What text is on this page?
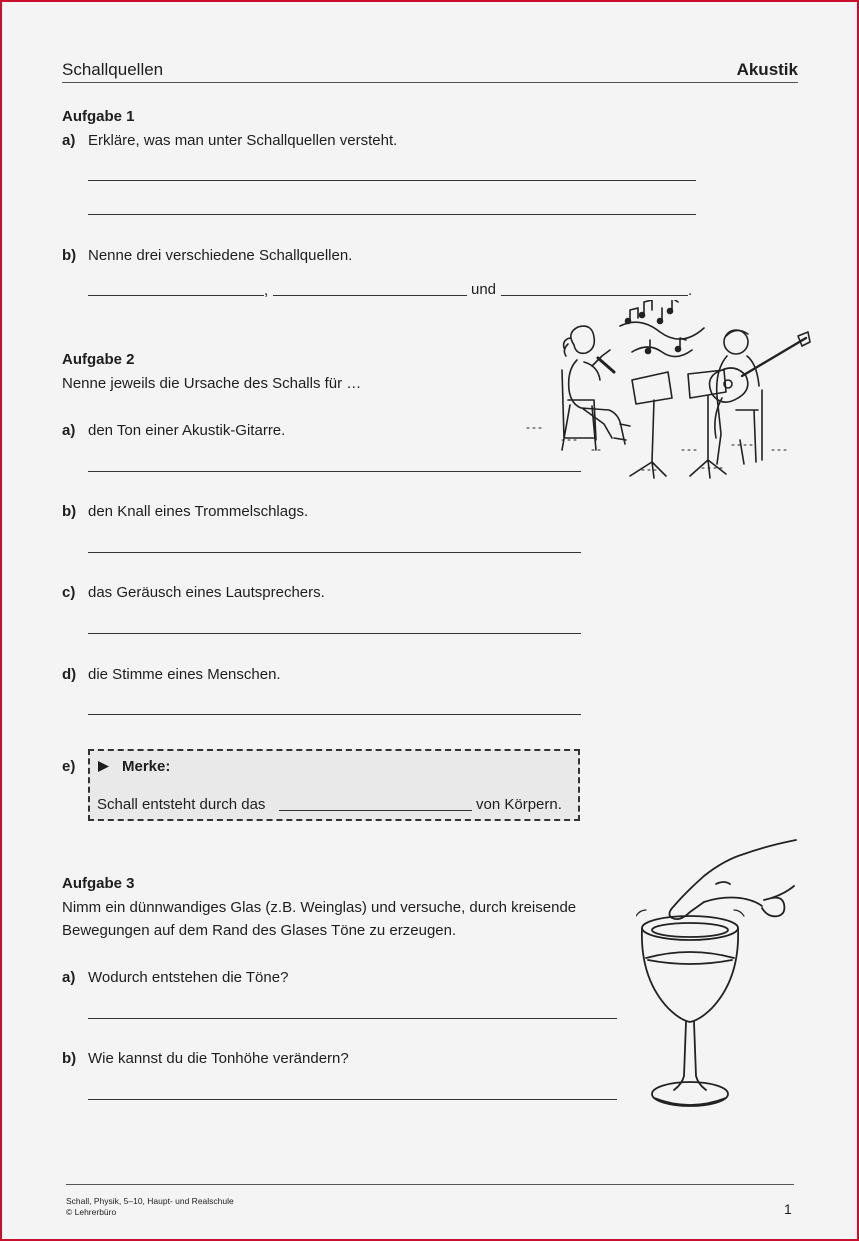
Schallquellen	Akustik
Aufgabe 1
a) Erkläre, was man unter Schallquellen versteht.
b) Nenne drei verschiedene Schallquellen.
,	und	.
Aufgabe 2
Nenne jeweils die Ursache des Schalls für …
a) den Ton einer Akustik-Gitarre.
b) den Knall eines Trommelschlags.
c) das Geräusch eines Lautsprechers.
d) die Stimme eines Menschen.
e)	Merke:
Schall entsteht durch das	von Körpern.
Aufgabe 3
Nimm ein dünnwandiges Glas (z.B. Weinglas) und versuche, durch kreisende
Bewegungen auf dem Rand des Glases Töne zu erzeugen.
a) Wodurch entstehen die Töne?
b) Wie kannst du die Tonhöhe verändern?
Schall, Physik, 5–10, Haupt- und Realschule
© Lehrerbüro	1
